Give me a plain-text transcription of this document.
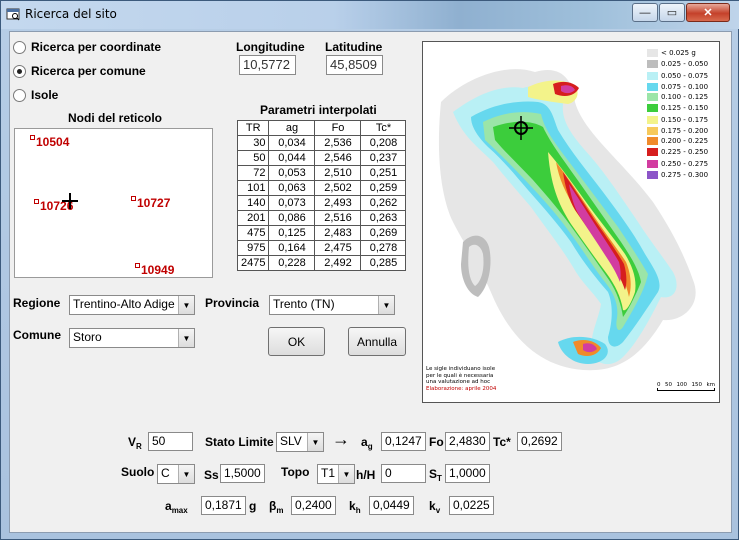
Ricerca del sito	—	▭	✕
Ricerca per coordinate
Ricerca per comune
Isole
Longitudine Latitudine
10,5772	45,8509
Nodi del reticolo
10504
10726	10727
10949
Parametri interpolati
TR	ag	Fo	Tc*
30	0,034	2,536	0,208
50	0,044	2,546	0,237
72	0,053	2,510	0,251
101	0,063	2,502	0,259
140	0,073	2,493	0,262
201	0,086	2,516	0,263
475	0,125	2,483	0,269
975	0,164	2,475	0,278
2475	0,228	2,492	0,285
Regione	Trentino-Alto Adige ▼ Provincia	Trento (TN)	▼
Comune	Storo	▼	OK	Annulla
< 0.025 g
0.025 - 0.050
0.050 - 0.075
0.075 - 0.100
0.100 - 0.125
0.125 - 0.150
0.150 - 0.175
0.175 - 0.200
0.200 - 0.225
0.225 - 0.250
0.250 - 0.275
0.275 - 0.300
Le sigle individuano isole
per le quali è necessaria
una valutazione ad hoc
Elaborazione: aprile 2004
0 50 100 150 km
$V_R$ 50	Stato Limite SLV	▼ → $a_g$	0,1247 Fo 2,4830 Tc* 0,2692
Suolo C	▼ Ss 1,5000	Topo T1 ▼ h/H 0	$S_T$ 1,0000
$a_{max}$	0,1871 g $\beta_m$ 0,2400	$k_h$	0,0449	$k_v$	0,0225
